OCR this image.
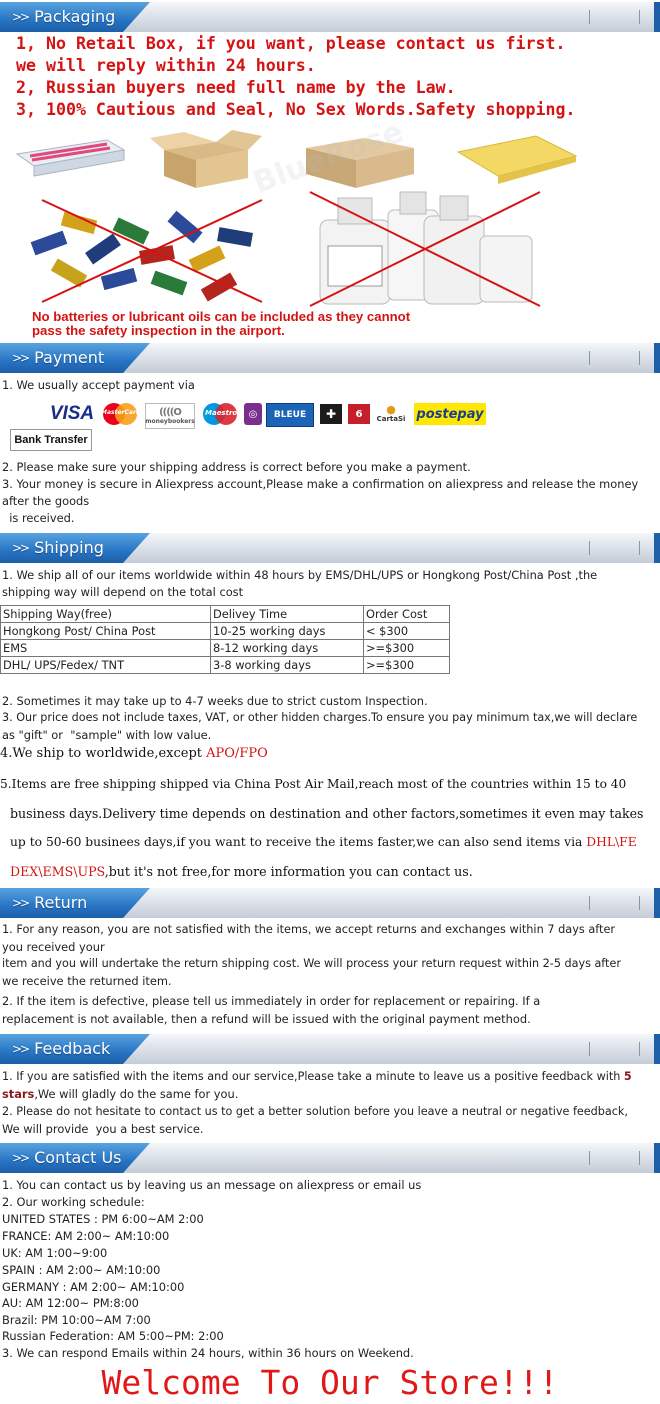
>> Packaging
1, No Retail Box, if you want, please contact us first.
we will reply within 24 hours.
2, Russian buyers need full name by the Law.
3, 100% Cautious and Seal, No Sex Words.Safety shopping.
No batteries or lubricant oils can be included as they cannot
pass the safety inspection in the airport.
>> Payment
1. We usually accept payment via
VISA	MasterCard ((((O
moneybookers
Maestro ◎ BLEUE ✚ 6 ●
CartaSi postepay
Bank Transfer
2. Please make sure your shipping address is correct before you make a payment.
3. Your money is secure in Aliexpress account,Please make a confirmation on aliexpress and release the money
after the goods
is received.
>> Shipping
1. We ship all of our items worldwide within 48 hours by EMS/DHL/UPS or Hongkong Post/China Post ,the
shipping way will depend on the total cost
Shipping Way(free)	Delivey Time	Order Cost
Hongkong Post/ China Post	10-25 working days	< $300
EMS	8-12 working days	>=$300
DHL/ UPS/Fedex/ TNT	3-8 working days	>=$300
2. Sometimes it may take up to 4-7 weeks due to strict custom Inspection.
3. Our price does not include taxes, VAT, or other hidden charges.To ensure you pay minimum tax,we will declare
as "gift" or  "sample" with low value.
4.We ship to worldwide,except APO/FPO
5.Items are free shipping shipped via China Post Air Mail,reach most of the countries within 15 to 40
business days.Delivery time depends on destination and other factors,sometimes it even may takes
up to 50-60 businees days,if you want to receive the items faster,we can also send items via DHL\FE
DEX\EMS\UPS,but it's not free,for more information you can contact us.
>> Return
1. For any reason, you are not satisfied with the items, we accept returns and exchanges within 7 days after
you received your
item and you will undertake the return shipping cost. We will process your return request within 2-5 days after
we receive the returned item.
2. If the item is defective, please tell us immediately in order for replacement or repairing. If a
replacement is not available, then a refund will be issued with the original payment method.
>> Feedback
1. If you are satisfied with the items and our service,Please take a minute to leave us a positive feedback with 5
stars,We will gladly do the same for you.
2. Please do not hesitate to contact us to get a better solution before you leave a neutral or negative feedback,
We will provide  you a best service.
>> Contact Us
1. You can contact us by leaving us an message on aliexpress or email us
2. Our working schedule:
UNITED STATES : PM 6:00~AM 2:00
FRANCE: AM 2:00~ AM:10:00
UK: AM 1:00~9:00
SPAIN : AM 2:00~ AM:10:00
GERMANY : AM 2:00~ AM:10:00
AU: AM 12:00~ PM:8:00
Brazil: PM 10:00~AM 7:00
Russian Federation: AM 5:00~PM: 2:00
3. We can respond Emails within 24 hours, within 36 hours on Weekend.
Welcome To Our Store!!!
